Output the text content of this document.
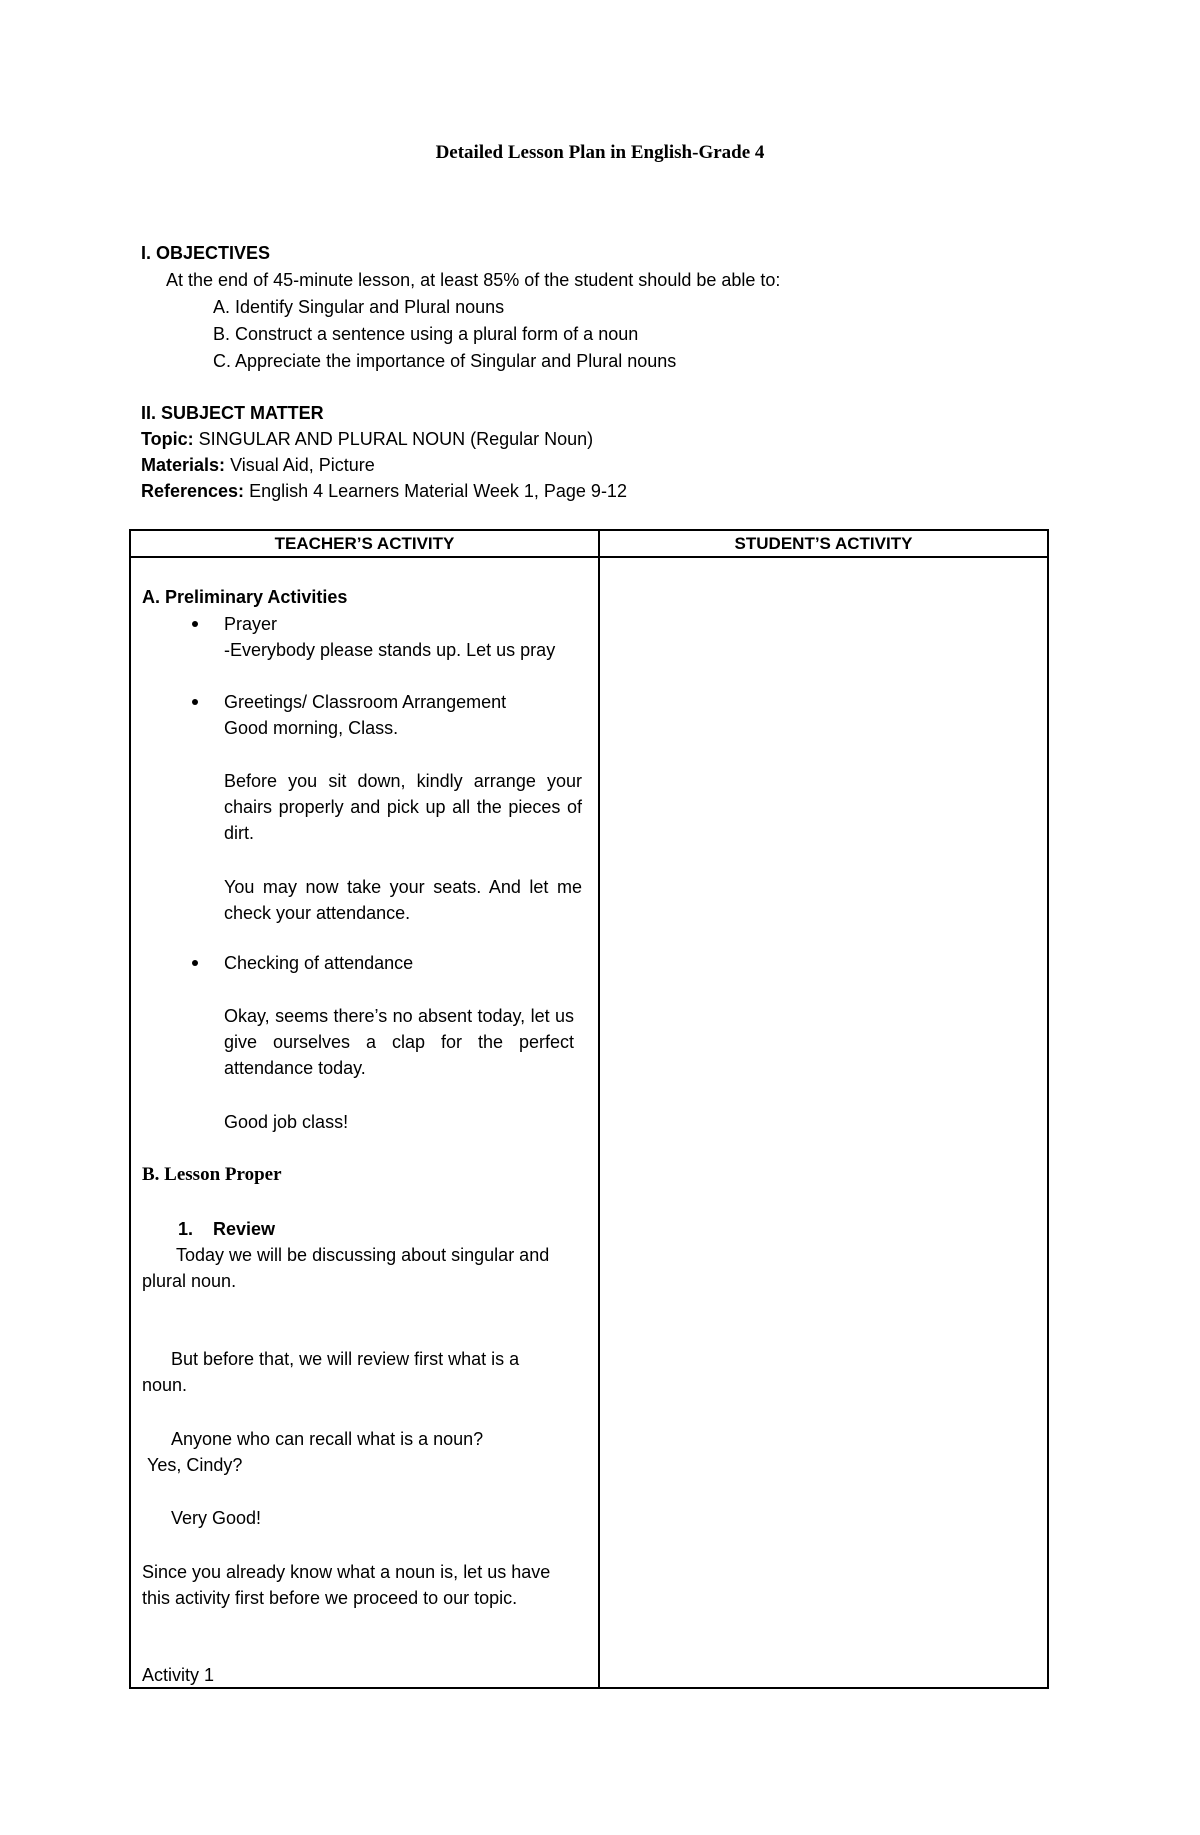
Detailed Lesson Plan in English-Grade 4
I. OBJECTIVES
At the end of 45-minute lesson, at least 85% of the student should be able to:
A. Identify Singular and Plural nouns
B. Construct a sentence using a plural form of a noun
C. Appreciate the importance of Singular and Plural nouns
II. SUBJECT MATTER
Topic: SINGULAR AND PLURAL NOUN (Regular Noun)
Materials: Visual Aid, Picture
References: English 4 Learners Material Week 1, Page 9-12
TEACHER’S ACTIVITY	STUDENT’S ACTIVITY
A. Preliminary Activities
Prayer
-Everybody please stands up. Let us pray
Greetings/ Classroom Arrangement
Good morning, Class.
Before you sit down, kindly arrange your chairs properly and pick up all the pieces of dirt.
You may now take your seats. And let me check your attendance.
Checking of attendance
Okay, seems there’s no absent today, let us give ourselves a clap for the perfect attendance today.
Good job class!
B. Lesson Proper
1. Review
Today we will be discussing about singular and
plural noun.
But before that, we will review first what is a
noun.
Anyone who can recall what is a noun?
Yes, Cindy?
Very Good!
Since you already know what a noun is, let us have
this activity first before we proceed to our topic.
Activity 1
